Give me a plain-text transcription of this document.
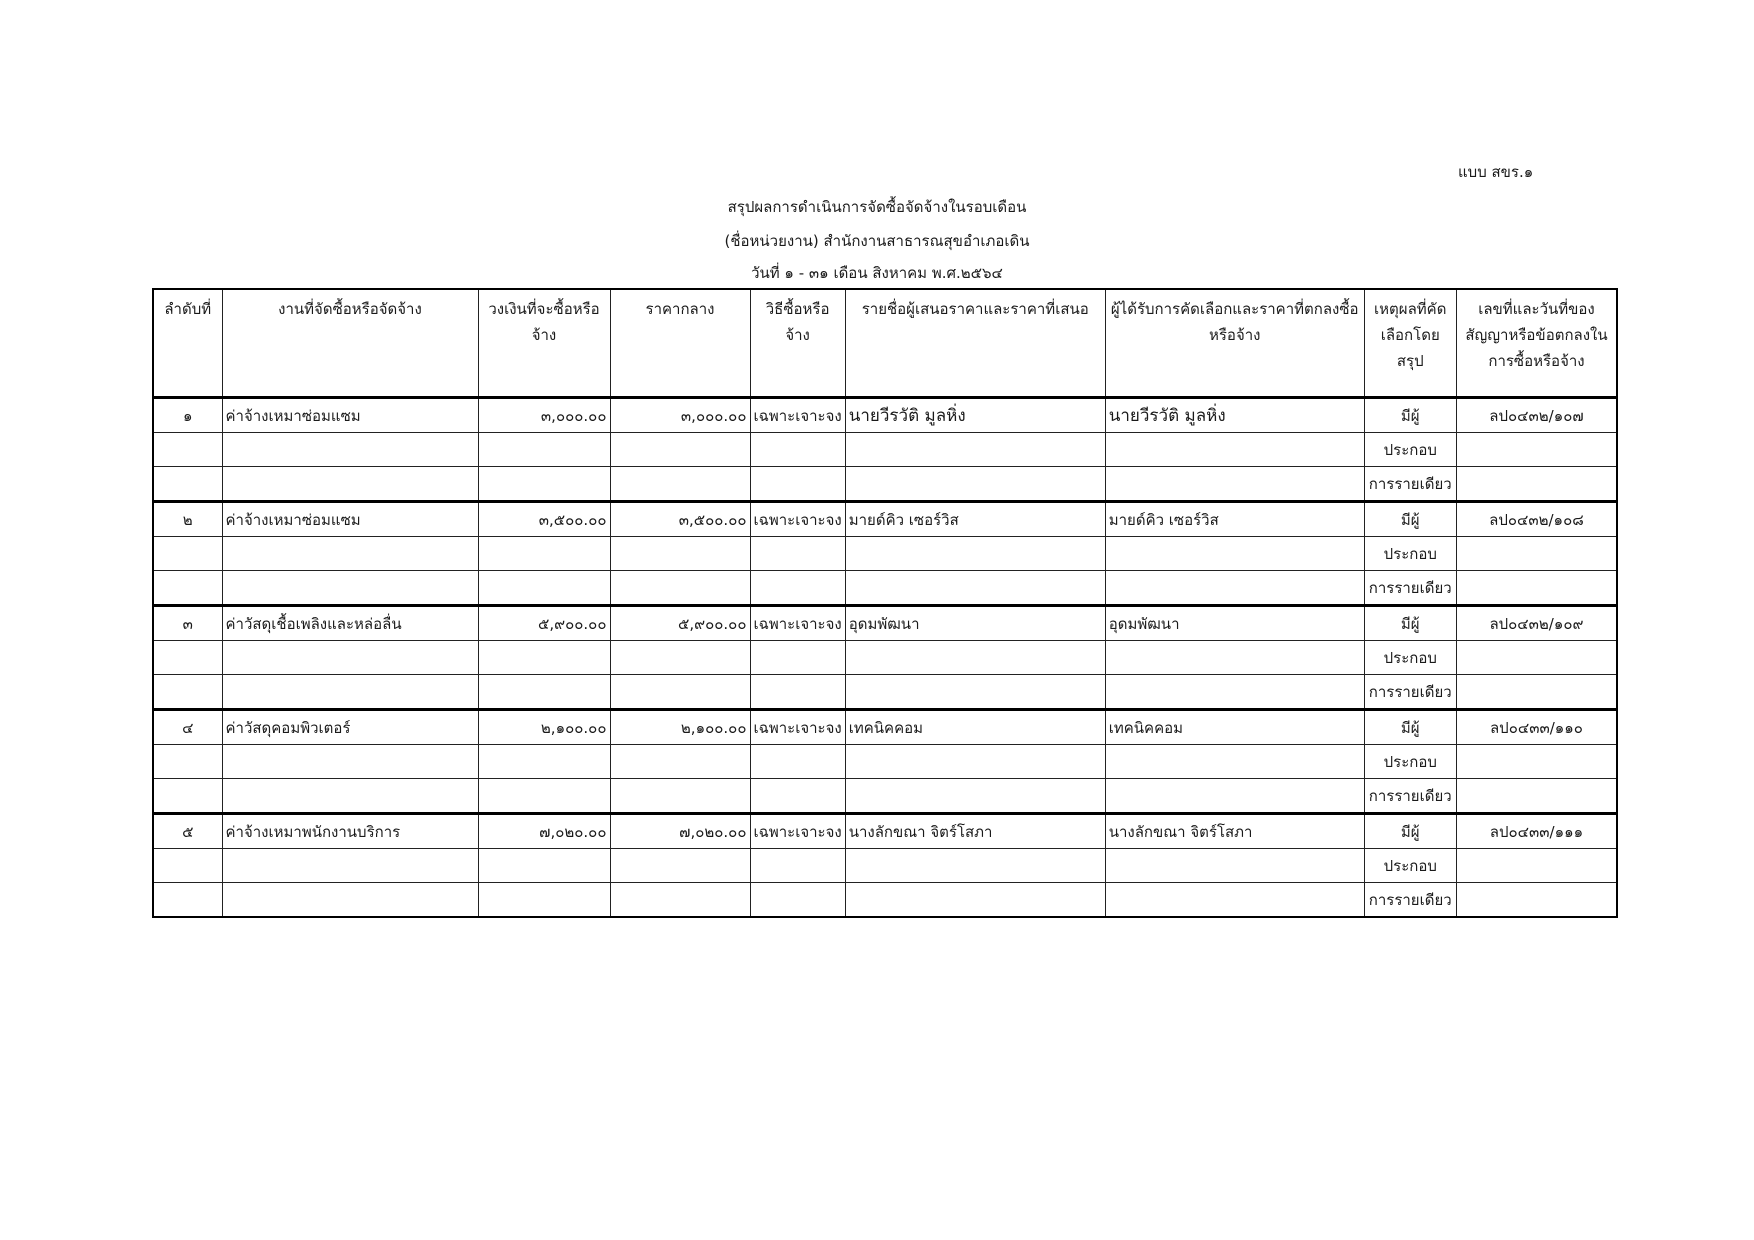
แบบ สขร.๑
สรุปผลการดำเนินการจัดซื้อจัดจ้างในรอบเดือน
(ชื่อหน่วยงาน) สำนักงานสาธารณสุขอำเภอเดิน
วันที่ ๑ - ๓๑ เดือน สิงหาคม พ.ศ.๒๕๖๔
ลำดับที่	งานที่จัดซื้อหรือจัดจ้าง	วงเงินที่จะซื้อหรือจ้าง	ราคากลาง	วิธีซื้อหรือจ้าง	รายชื่อผู้เสนอราคาและราคาที่เสนอ	ผู้ได้รับการคัดเลือกและราคาที่ตกลงซื้อหรือจ้าง	เหตุผลที่คัดเลือกโดยสรุป	เลขที่และวันที่ของสัญญาหรือข้อตกลงในการซื้อหรือจ้าง
๑	ค่าจ้างเหมาซ่อมแซม	๓,๐๐๐.๐๐	๓,๐๐๐.๐๐	เฉพาะเจาะจง	นายวีรวัติ มูลหิ่ง	นายวีรวัติ มูลหิ่ง	มีผู้	ลป๐๔๓๒/๑๐๗
							ประกอบ	
							การรายเดียว	
๒	ค่าจ้างเหมาซ่อมแซม	๓,๕๐๐.๐๐	๓,๕๐๐.๐๐	เฉพาะเจาะจง	มายด์คิว เซอร์วิส	มายด์คิว เซอร์วิส	มีผู้	ลป๐๔๓๒/๑๐๘
							ประกอบ	
							การรายเดียว	
๓	ค่าวัสดุเชื้อเพลิงและหล่อลื่น	๕,๙๐๐.๐๐	๕,๙๐๐.๐๐	เฉพาะเจาะจง	อุดมพัฒนา	อุดมพัฒนา	มีผู้	ลป๐๔๓๒/๑๐๙
							ประกอบ	
							การรายเดียว	
๔	ค่าวัสดุคอมพิวเตอร์	๒,๑๐๐.๐๐	๒,๑๐๐.๐๐	เฉพาะเจาะจง	เทคนิคคอม	เทคนิคคอม	มีผู้	ลป๐๔๓๓/๑๑๐
							ประกอบ	
							การรายเดียว	
๕	ค่าจ้างเหมาพนักงานบริการ	๗,๐๒๐.๐๐	๗,๐๒๐.๐๐	เฉพาะเจาะจง	นางลักขณา จิตร์โสภา	นางลักขณา จิตร์โสภา	มีผู้	ลป๐๔๓๓/๑๑๑
							ประกอบ	
							การรายเดียว	
